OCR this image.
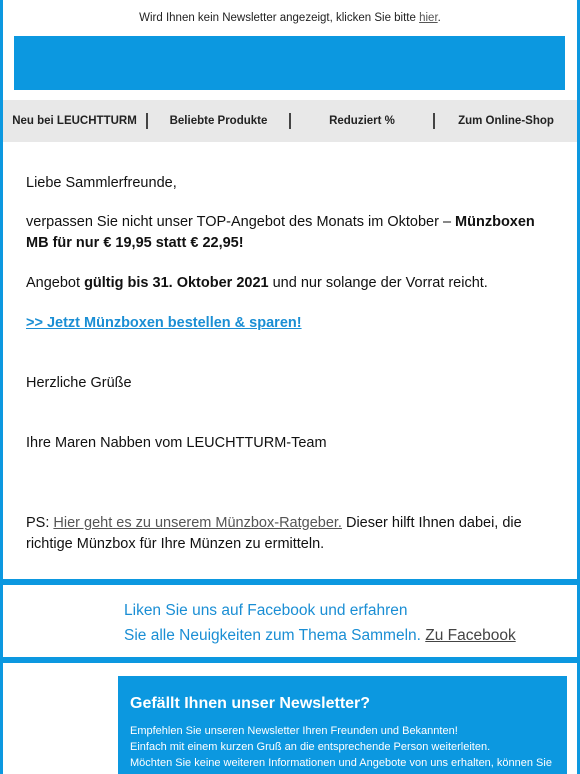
Wird Ihnen kein Newsletter angezeigt, klicken Sie bitte hier.
Neu bei LEUCHTTURM	Beliebte Produkte	Reduziert %	Zum Online-Shop

Liebe Sammlerfreunde,

verpassen Sie nicht unser TOP-Angebot des Monats im Oktober – Münzboxen MB für nur € 19,95 statt € 22,95!

Angebot gültig bis 31. Oktober 2021 und nur solange der Vorrat reicht.

>> Jetzt Münzboxen bestellen & sparen!

Herzliche Grüße

Ihre Maren Nabben vom LEUCHTTURM-Team

PS: Hier geht es zu unserem Münzbox-Ratgeber. Dieser hilft Ihnen dabei, die richtige Münzbox für Ihre Münzen zu ermitteln.

Liken Sie uns auf Facebook und erfahren
Sie alle Neuigkeiten zum Thema Sammeln. Zu Facebook
Gefällt Ihnen unser Newsletter?
Empfehlen Sie unseren Newsletter Ihren Freunden und Bekannten!
Einfach mit einem kurzen Gruß an die entsprechende Person weiterleiten.
Möchten Sie keine weiteren Informationen und Angebote von uns erhalten, können Sie
